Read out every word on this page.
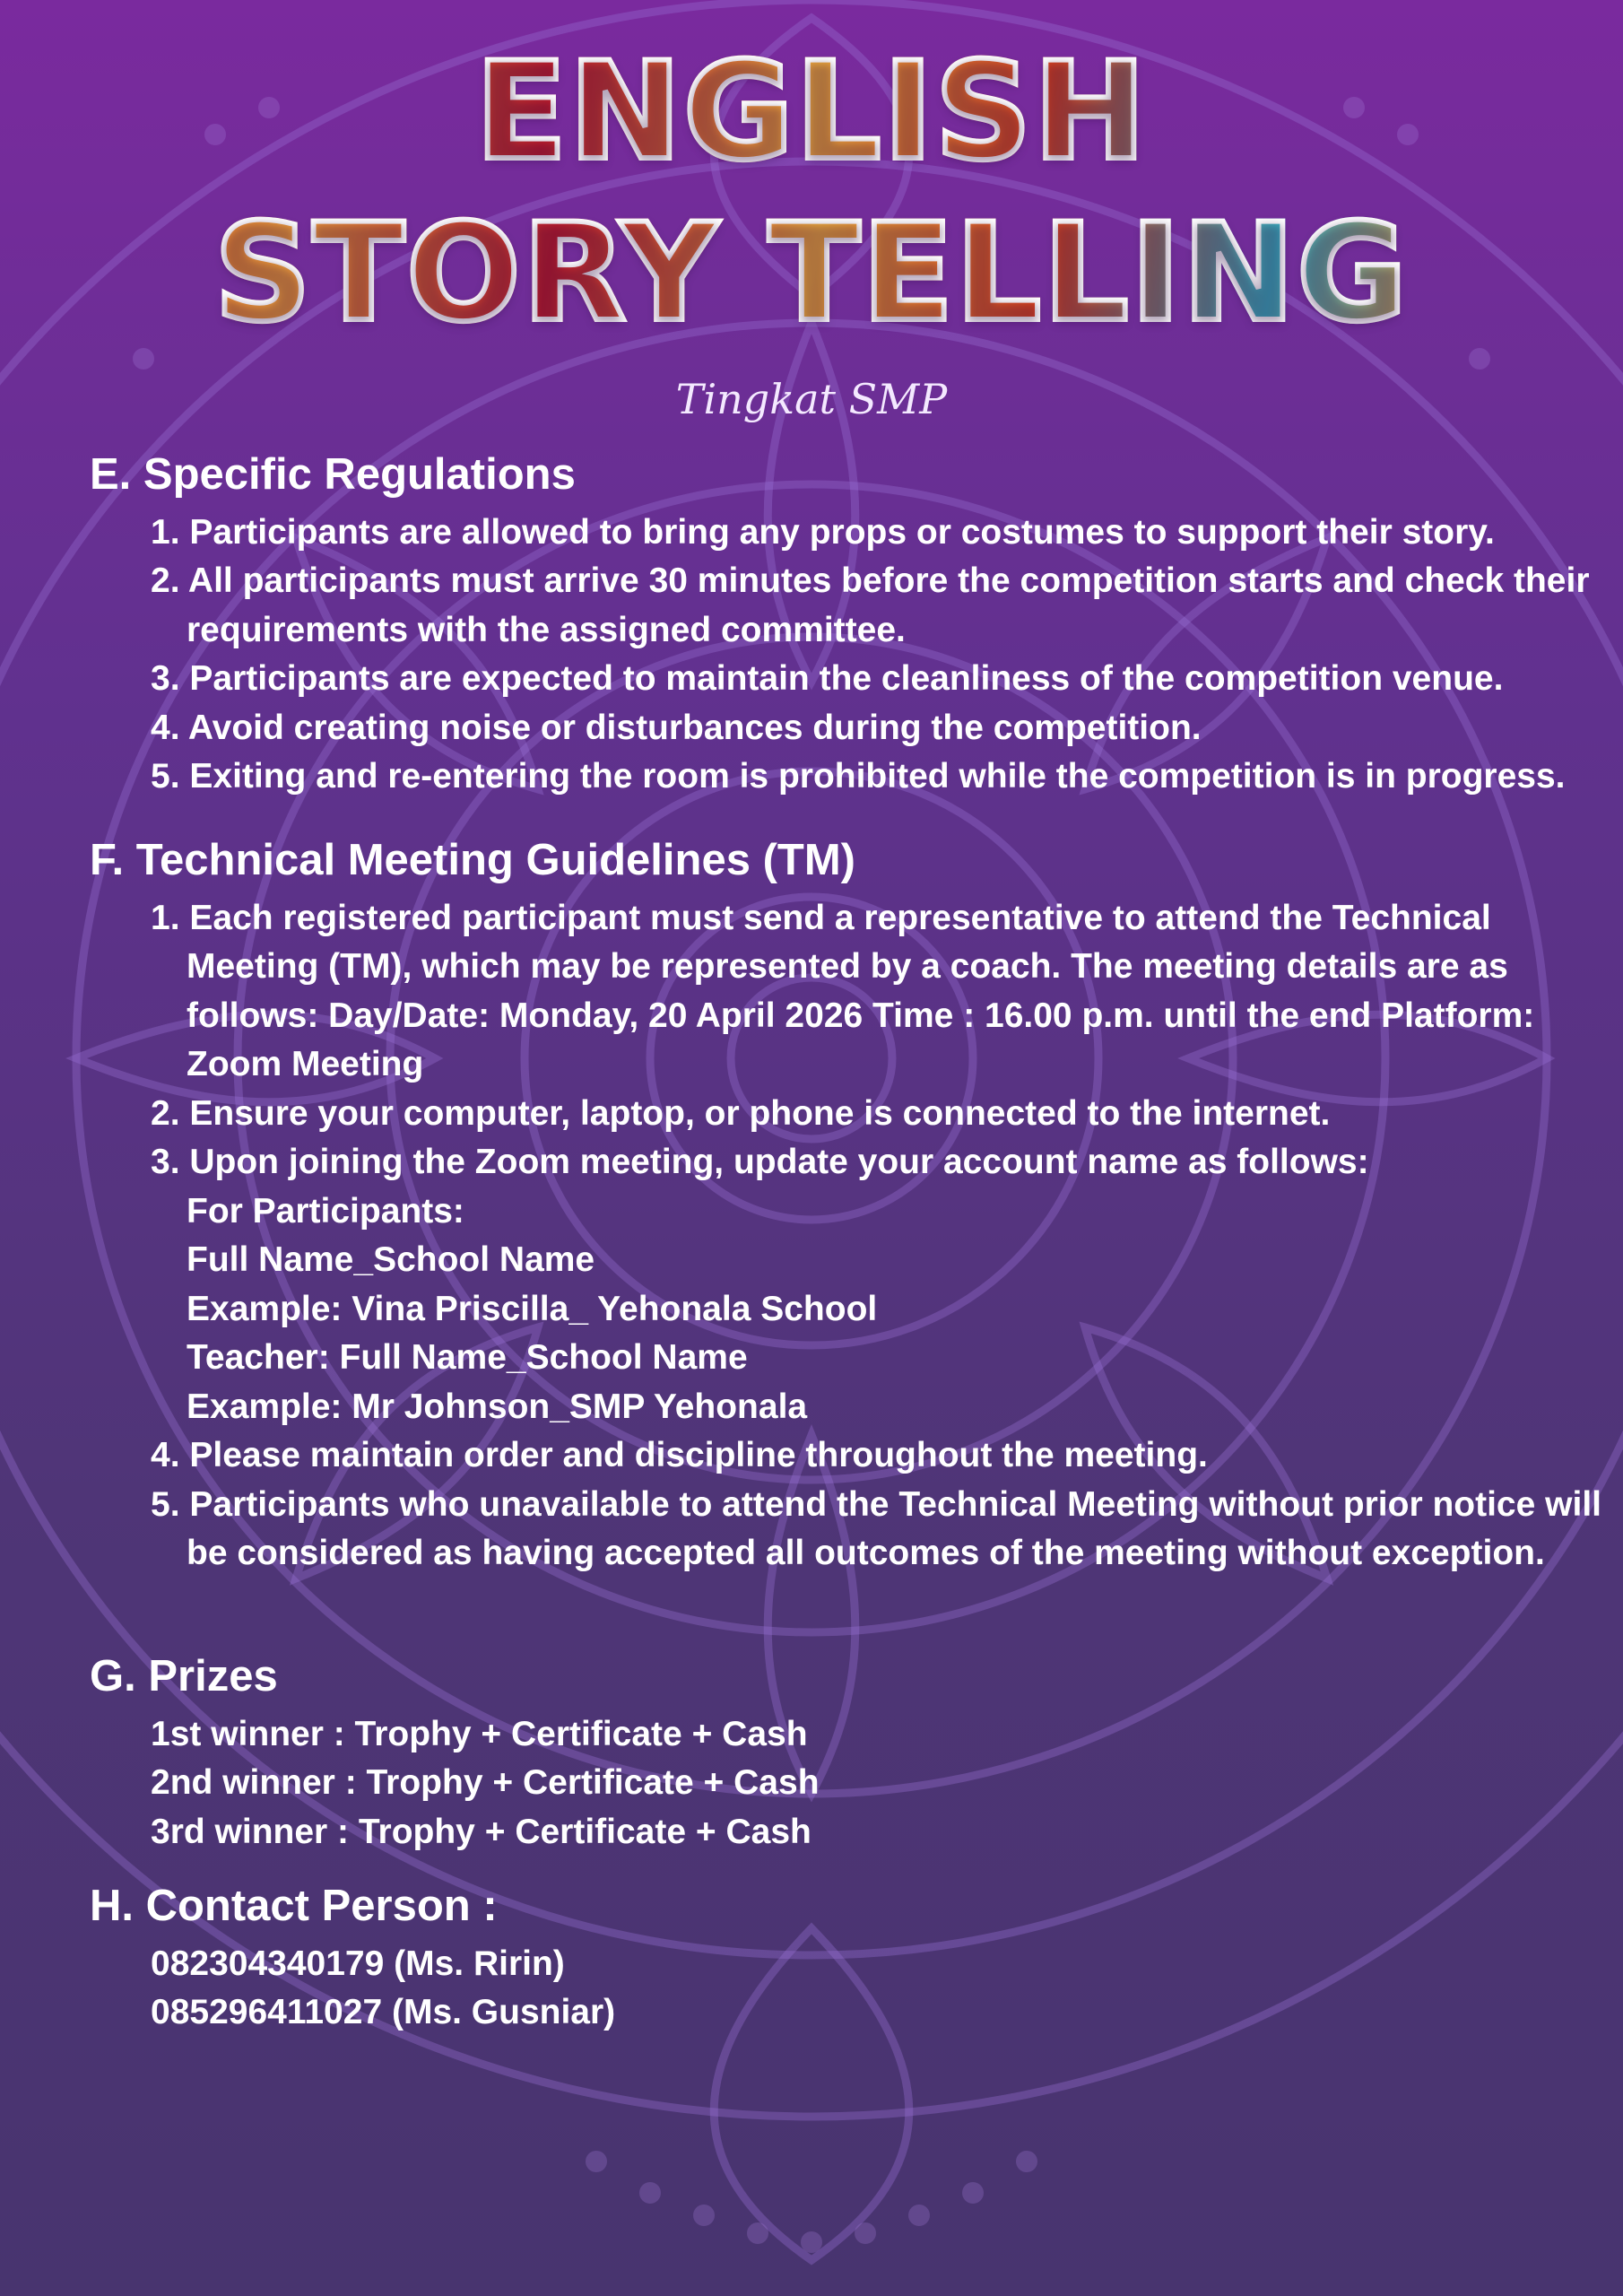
ENGLISH
STORY TELLING
Tingkat SMP
E. Specific Regulations
1. Participants are allowed to bring any props or costumes to support their story.
2. All participants must arrive 30 minutes before the competition starts and check their requirements with the assigned committee.
3. Participants are expected to maintain the cleanliness of the competition venue.
4. Avoid creating noise or disturbances during the competition.
5. Exiting and re-entering the room is prohibited while the competition is in progress.
F. Technical Meeting Guidelines (TM)
1. Each registered participant must send a representative to attend the Technical Meeting (TM), which may be represented by a coach. The meeting details are as follows: Day/Date: Monday, 20 April 2026 Time : 16.00 p.m. until the end Platform: Zoom Meeting
2. Ensure your computer, laptop, or phone is connected to the internet.
3. Upon joining the Zoom meeting, update your account name as follows:
For Participants:
Full Name_School Name
Example: Vina Priscilla_ Yehonala School
Teacher: Full Name_School Name
Example: Mr Johnson_SMP Yehonala
4. Please maintain order and discipline throughout the meeting.
5. Participants who unavailable to attend the Technical Meeting without prior notice will be considered as having accepted all outcomes of the meeting without exception.
G. Prizes
1st winner : Trophy + Certificate + Cash
2nd winner : Trophy + Certificate + Cash
3rd winner : Trophy + Certificate + Cash
H. Contact Person :
082304340179 (Ms. Ririn)
085296411027 (Ms. Gusniar)
